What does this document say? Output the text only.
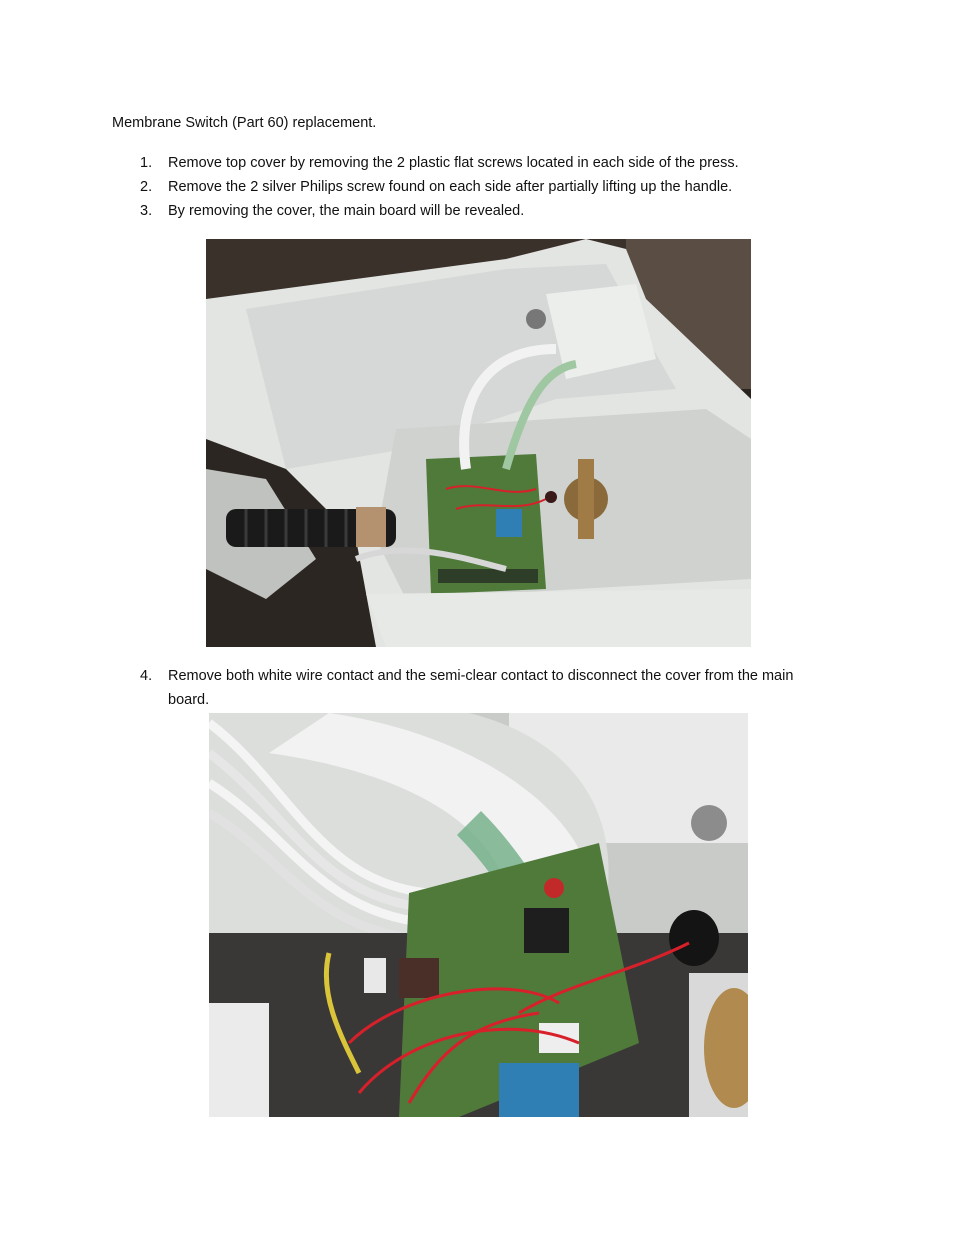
Membrane Switch (Part 60) replacement.
1.	Remove top cover by removing the 2 plastic flat screws located in each side of the press.
2.	Remove the 2 silver Philips screw found on each side after partially lifting up the handle.
3.	By removing the cover, the main board will be revealed.
4.	Remove both white wire contact and the semi-clear contact to disconnect the cover from the main board.
